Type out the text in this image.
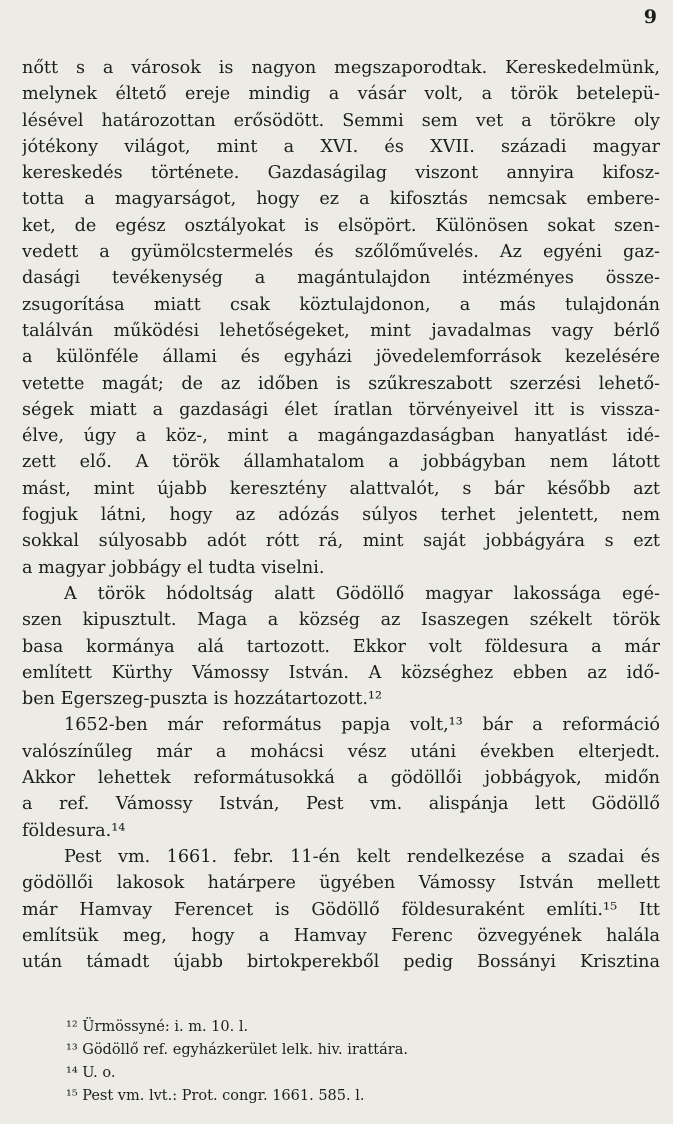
9
nőtt s a városok is nagyon megszaporodtak. Kereskedelmünk,
melynek éltető ereje mindig a vásár volt, a török betelepü-
lésével határozottan erősödött. Semmi sem vet a törökre oly
jótékony világot, mint a XVI. és XVII. századi magyar
kereskedés története. Gazdaságilag viszont annyira kifosz-
totta a magyarságot, hogy ez a kifosztás nemcsak embere-
ket, de egész osztályokat is elsöpört. Különösen sokat szen-
vedett a gyümölcstermelés és szőlőművelés. Az egyéni gaz-
dasági tevékenység a magántulajdon intézményes össze-
zsugorítása miatt csak köztulajdonon, a más tulajdonán
találván működési lehetőségeket, mint javadalmas vagy bérlő
a különféle állami és egyházi jövedelemforrások kezelésére
vetette magát; de az időben is szűkreszabott szerzési lehető-
ségek miatt a gazdasági élet íratlan törvényeivel itt is vissza-
élve, úgy a köz-, mint a magángazdaságban hanyatlást idé-
zett elő. A török államhatalom a jobbágyban nem látott
mást, mint újabb keresztény alattvalót, s bár később azt
fogjuk látni, hogy az adózás súlyos terhet jelentett, nem
sokkal súlyosabb adót rótt rá, mint saját jobbágyára s ezt
a magyar jobbágy el tudta viselni.
A török hódoltság alatt Gödöllő magyar lakossága egé-
szen kipusztult. Maga a község az Isaszegen székelt török
basa kormánya alá tartozott. Ekkor volt földesura a már
említett Kürthy Vámossy István. A községhez ebben az idő-
ben Egerszeg-puszta is hozzátartozott.¹²
1652-ben már református papja volt,¹³ bár a reformáció
valószínűleg már a mohácsi vész utáni években elterjedt.
Akkor lehettek reformátusokká a gödöllői jobbágyok, midőn
a ref. Vámossy István, Pest vm. alispánja lett Gödöllő
földesura.¹⁴
Pest vm. 1661. febr. 11-én kelt rendelkezése a szadai és
gödöllői lakosok határpere ügyében Vámossy István mellett
már Hamvay Ferencet is Gödöllő földesuraként említi.¹⁵ Itt
említsük meg, hogy a Hamvay Ferenc özvegyének halála
után támadt újabb birtokperekből pedig Bossányi Krisztina
¹² Ürmössyné: i. m. 10. l.
¹³ Gödöllő ref. egyházkerület lelk. hiv. irattára.
¹⁴ U. o.
¹⁵ Pest vm. lvt.: Prot. congr. 1661. 585. l.
